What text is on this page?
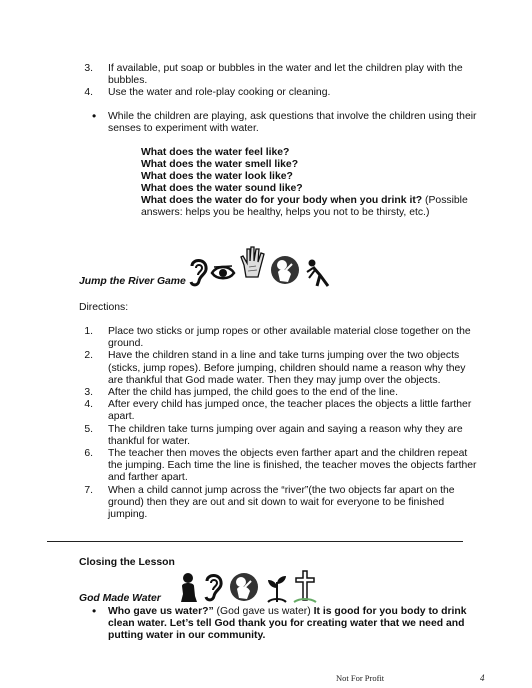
3. If available, put soap or bubbles in the water and let the children play with the
bubbles.
4. Use the water and role-play cooking or cleaning.
• While the children are playing, ask questions that involve the children using their
senses to experiment with water.
What does the water feel like?
What does the water smell like?
What does the water look like?
What does the water sound like?
What does the water do for your body when you drink it? (Possible
answers: helps you be healthy, helps you not to be thirsty, etc.)
Jump the River Game
Directions:
1. Place two sticks or jump ropes or other available material close together on the
ground.
2. Have the children stand in a line and take turns jumping over the two objects
(sticks, jump ropes). Before jumping, children should name a reason why they
are thankful that God made water. Then they may jump over the objects.
3. After the child has jumped, the child goes to the end of the line.
4. After every child has jumped once, the teacher places the objects a little farther
apart.
5. The children take turns jumping over again and saying a reason why they are
thankful for water.
6. The teacher then moves the objects even farther apart and the children repeat
the jumping. Each time the line is finished, the teacher moves the objects farther
and farther apart.
7. When a child cannot jump across the “river”(the two objects far apart on the
ground) then they are out and sit down to wait for everyone to be finished
jumping.
Closing the Lesson
God Made Water
• Who gave us water?” (God gave us water) It is good for you body to drink
clean water. Let’s tell God thank you for creating water that we need and
putting water in our community.
Not For Profit	4
